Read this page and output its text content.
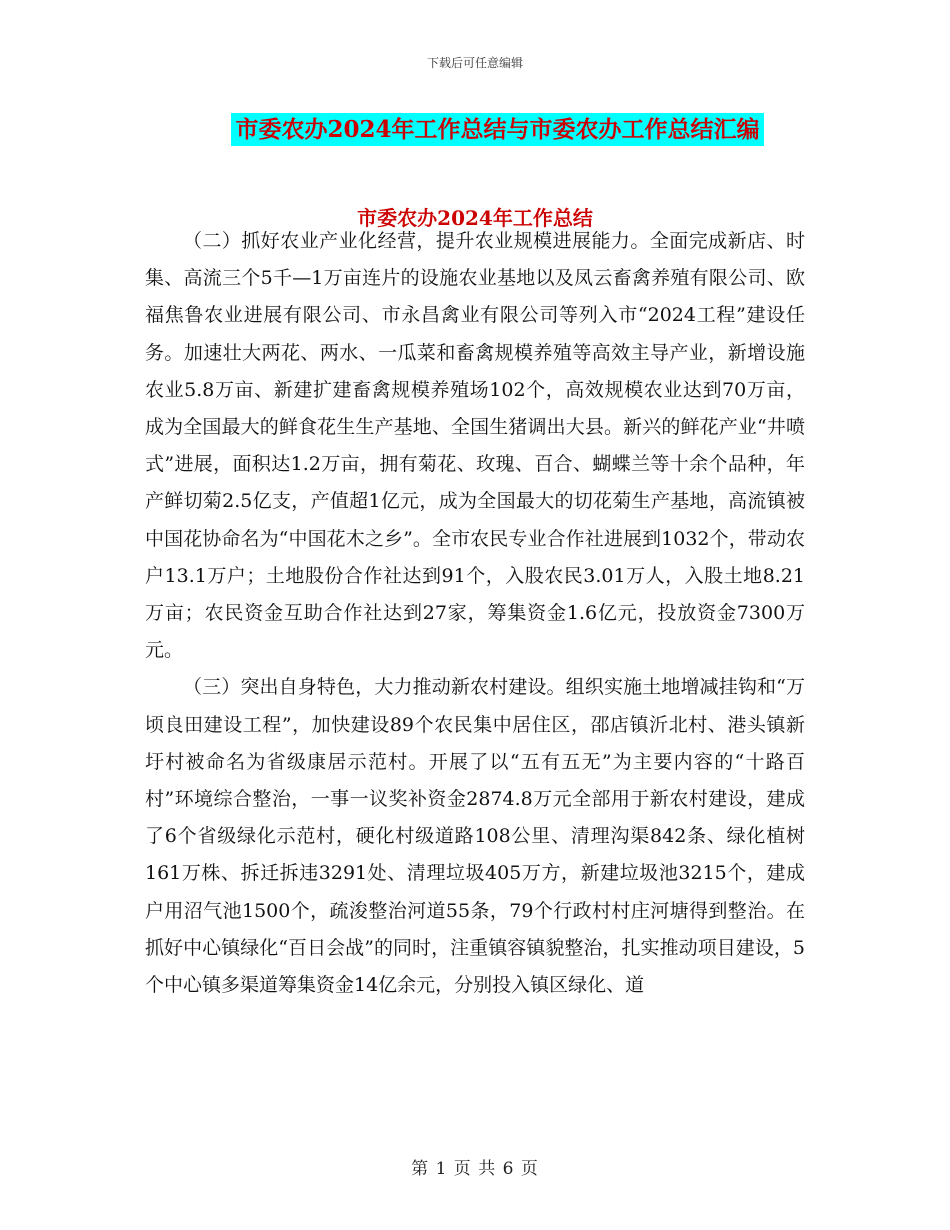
下载后可任意编辑
市委农办2024年工作总结与市委农办工作总结汇编
市委农办2024年工作总结

（二）抓好农业产业化经营，提升农业规模进展能力。全面完成新店、时集、高流三个5千—1万亩连片的设施农业基地以及凤云畜禽养殖有限公司、欧福焦鲁农业进展有限公司、市永昌禽业有限公司等列入市“2024工程”建设任务。加速壮大两花、两水、一瓜菜和畜禽规模养殖等高效主导产业，新增设施农业5.8万亩、新建扩建畜禽规模养殖场102个，高效规模农业达到70万亩，成为全国最大的鲜食花生生产基地、全国生猪调出大县。新兴的鲜花产业“井喷式”进展，面积达1.2万亩，拥有菊花、玫瑰、百合、蝴蝶兰等十余个品种，年产鲜切菊2.5亿支，产值超1亿元，成为全国最大的切花菊生产基地，高流镇被中国花协命名为“中国花木之乡”。全市农民专业合作社进展到1032个，带动农户13.1万户；土地股份合作社达到91个，入股农民3.01万人，入股土地8.21万亩；农民资金互助合作社达到27家，筹集资金1.6亿元，投放资金7300万元。

（三）突出自身特色，大力推动新农村建设。组织实施土地增减挂钩和“万顷良田建设工程”，加快建设89个农民集中居住区，邵店镇沂北村、港头镇新圩村被命名为省级康居示范村。开展了以“五有五无”为主要内容的“十路百村”环境综合整治，一事一议奖补资金2874.8万元全部用于新农村建设，建成了6个省级绿化示范村，硬化村级道路108公里、清理沟渠842条、绿化植树161万株、拆迁拆违3291处、清理垃圾405万方，新建垃圾池3215个，建成户用沼气池1500个，疏浚整治河道55条，79个行政村村庄河塘得到整治。在抓好中心镇绿化“百日会战”的同时，注重镇容镇貌整治，扎实推动项目建设，5个中心镇多渠道筹集资金14亿余元，分别投入镇区绿化、道

第 1 页 共 6 页
